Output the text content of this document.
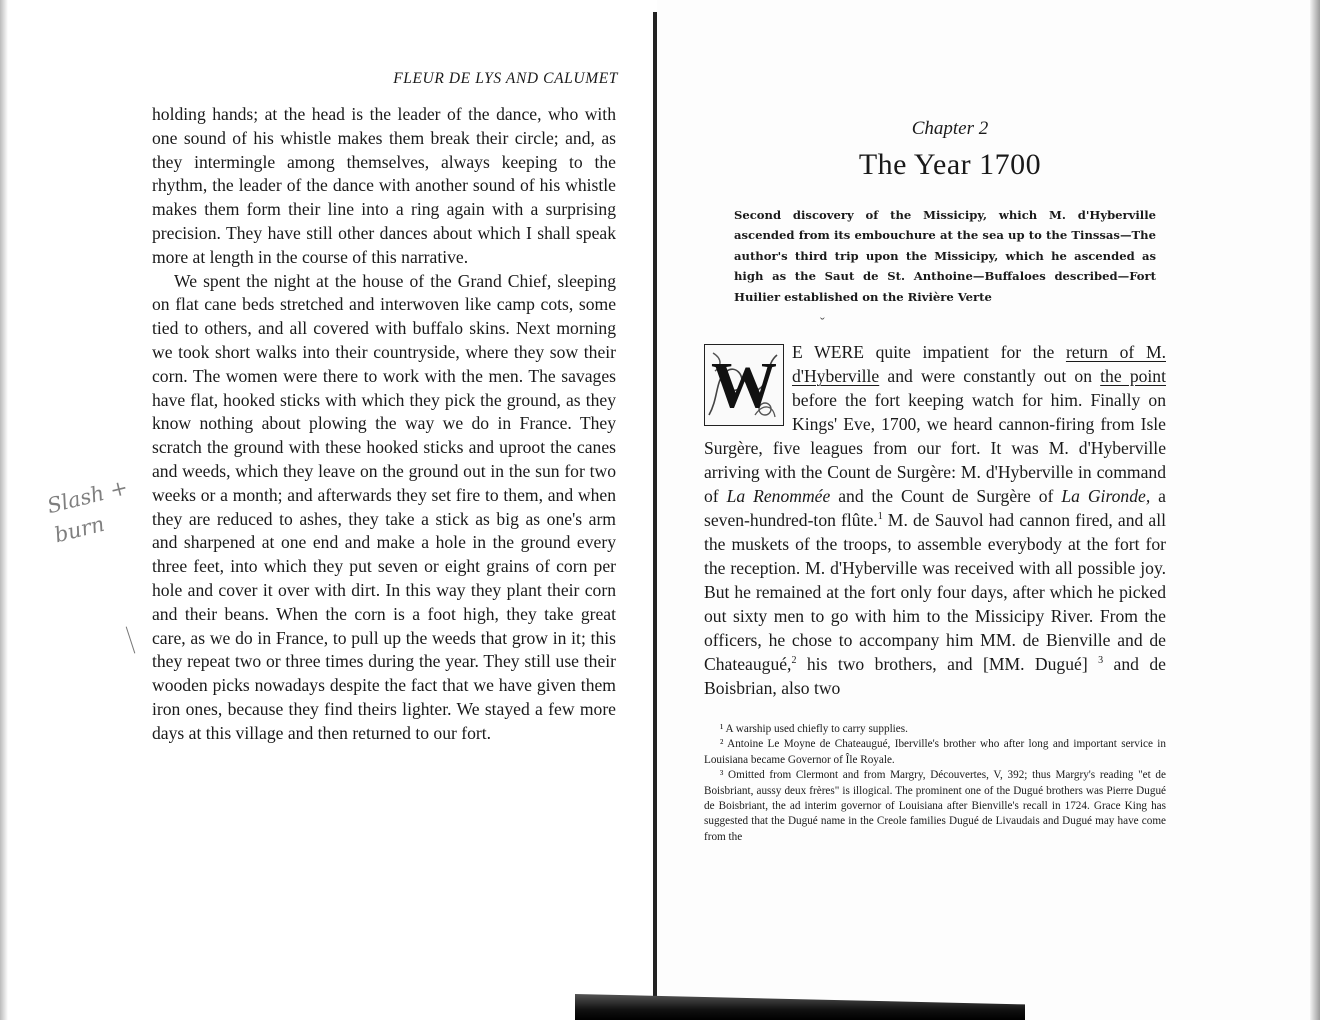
FLEUR DE LYS AND CALUMET

holding hands; at the head is the leader of the dance, who with one sound of his whistle makes them break their circle; and, as they intermingle among themselves, always keeping to the rhythm, the leader of the dance with another sound of his whistle makes them form their line into a ring again with a surprising precision. They have still other dances about which I shall speak more at length in the course of this narrative.

We spent the night at the house of the Grand Chief, sleeping on flat cane beds stretched and interwoven like camp cots, some tied to others, and all covered with buffalo skins. Next morning we took short walks into their countryside, where they sow their corn. The women were there to work with the men. The savages have flat, hooked sticks with which they pick the ground, as they know nothing about plowing the way we do in France. They scratch the ground with these hooked sticks and uproot the canes and weeds, which they leave on the ground out in the sun for two weeks or a month; and afterwards they set fire to them, and when they are reduced to ashes, they take a stick as big as one's arm and sharpened at one end and make a hole in the ground every three feet, into which they put seven or eight grains of corn per hole and cover it over with dirt. In this way they plant their corn and their beans. When the corn is a foot high, they take great care, as we do in France, to pull up the weeds that grow in it; this they repeat two or three times during the year. They still use their wooden picks nowadays despite the fact that we have given them iron ones, because they find theirs lighter. We stayed a few more days at this village and then returned to our fort.

Slash + burn
Chapter 2
The Year 1700
Second discovery of the Missicipy, which M. d'Hyberville ascended from its embouchure at the sea up to the Tinssas—The author's third trip upon the Missicipy, which he ascended as high as the Saut de St. Anthoine—Buffaloes described—Fort Huilier established on the Rivière Verte
ˇ
W E WERE quite impatient for the return of M. d'Hyberville and were constantly out on the point before the fort keeping watch for him. Finally on Kings' Eve, 1700, we heard cannon-firing from Isle Surgère, five leagues from our fort. It was M. d'Hyberville arriving with the Count de Surgère: M. d'Hyberville in command of La Renommée and the Count de Surgère of La Gironde, a seven-hundred-ton flûte.$^1$ M. de Sauvol had cannon fired, and all the muskets of the troops, to assemble everybody at the fort for the reception. M. d'Hyberville was received with all possible joy. But he remained at the fort only four days, after which he picked out sixty men to go with him to the Missicipy River. From the officers, he chose to accompany him MM. de Bienville and de Chateaugué,$^2$ his two brothers, and [MM. Dugué] $^3$ and de Boisbrian, also two

¹ A warship used chiefly to carry supplies.

² Antoine Le Moyne de Chateaugué, Iberville's brother who after long and important service in Louisiana became Governor of Île Royale.

³ Omitted from Clermont and from Margry, Découvertes, V, 392; thus Margry's reading "et de Boisbriant, aussy deux frères" is illogical. The prominent one of the Dugué brothers was Pierre Dugué de Boisbriant, the ad interim governor of Louisiana after Bienville's recall in 1724. Grace King has suggested that the Dugué name in the Creole families Dugué de Livaudais and Dugué may have come from the
